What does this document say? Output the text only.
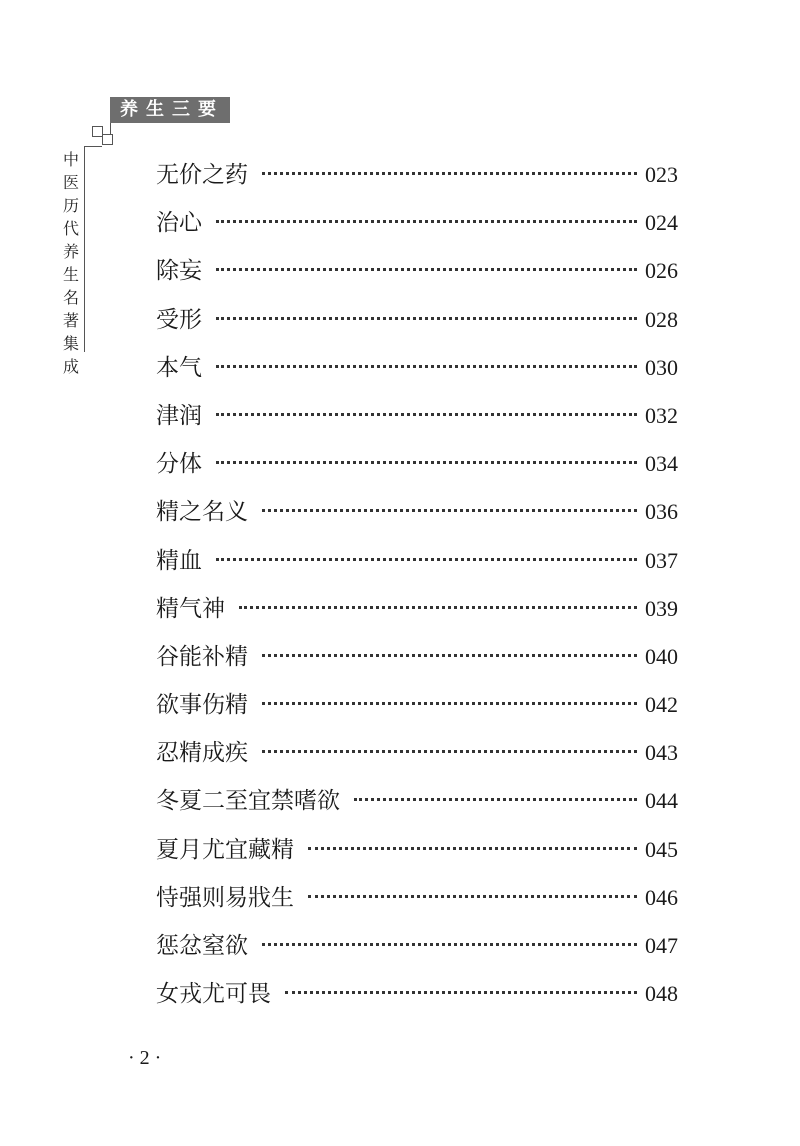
养生三要
中
医
历
代
养
生
名
著
集
成
无价之药	023
治心	024
除妄	026
受形	028
本气	030
津润	032
分体	034
精之名义	036
精血	037
精气神	039
谷能补精	040
欲事伤精	042
忍精成疾	043
冬夏二至宜禁嗜欲	044
夏月尤宜藏精	045
恃强则易戕生	046
惩忿窒欲	047
女戎尤可畏	048
· 2 ·
